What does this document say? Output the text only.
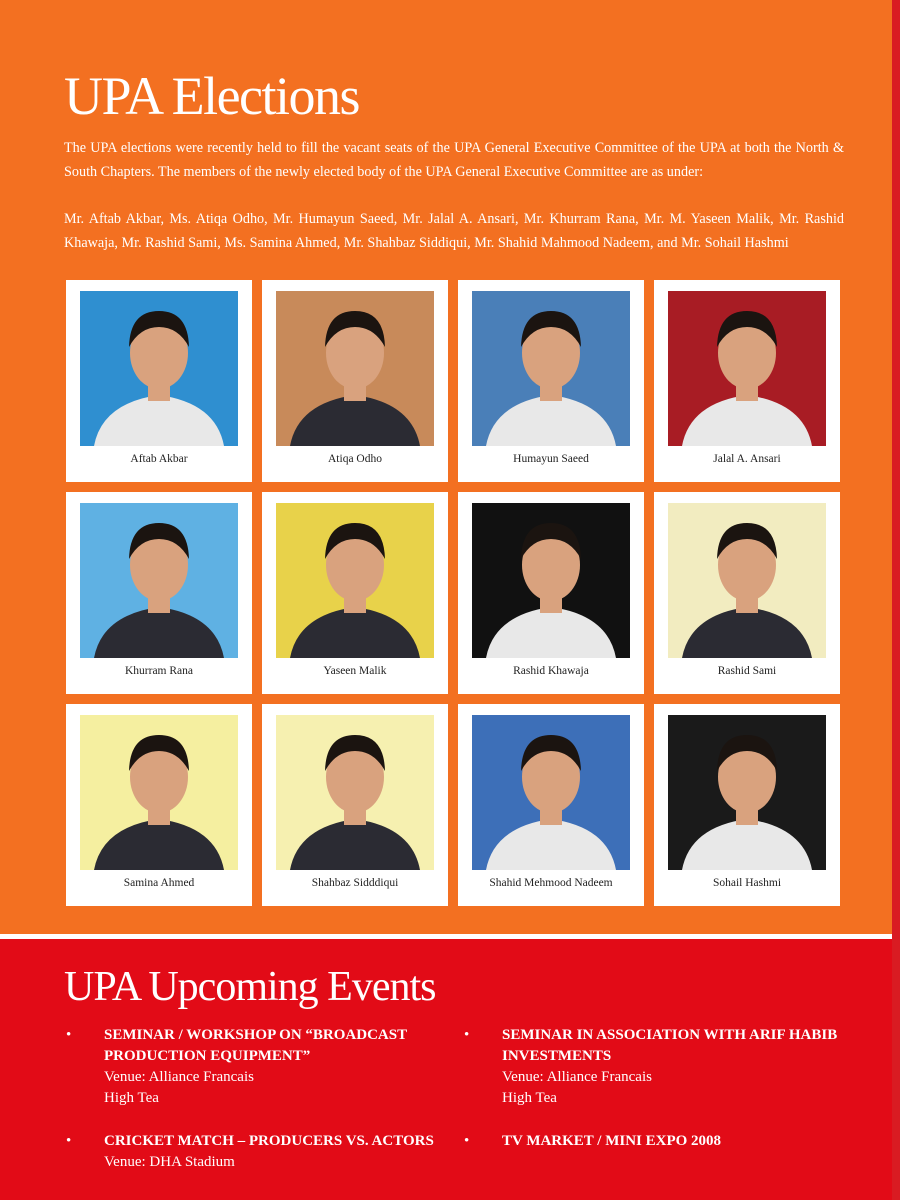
UPA Elections

The UPA elections were recently held to fill the vacant seats of the UPA General Executive Committee of the UPA at both the North & South Chapters. The members of the newly elected body of the UPA General Executive Committee are as under:

Mr. Aftab Akbar, Ms. Atiqa Odho, Mr. Humayun Saeed, Mr. Jalal A. Ansari, Mr. Khurram Rana, Mr. M. Yaseen Malik, Mr. Rashid Khawaja, Mr. Rashid Sami, Ms. Samina Ahmed, Mr. Shahbaz Siddiqui, Mr. Shahid Mahmood Nadeem, and Mr. Sohail Hashmi

Aftab Akbar	Atiqa Odho	Humayun Saeed	Jalal A. Ansari
Khurram Rana	Yaseen Malik	Rashid Khawaja	Rashid Sami
Samina Ahmed	Shahbaz Sidddiqui	Shahid Mehmood Nadeem	Sohail Hashmi
UPA Upcoming Events
• SEMINAR / WORKSHOP ON “BROADCAST PRODUCTION EQUIPMENT”
Venue: Alliance Francais
High Tea
• SEMINAR IN ASSOCIATION WITH ARIF HABIB INVESTMENTS
Venue: Alliance Francais
High Tea
• CRICKET MATCH – PRODUCERS VS. ACTORS
Venue: DHA Stadium
• TV MARKET / MINI EXPO 2008
